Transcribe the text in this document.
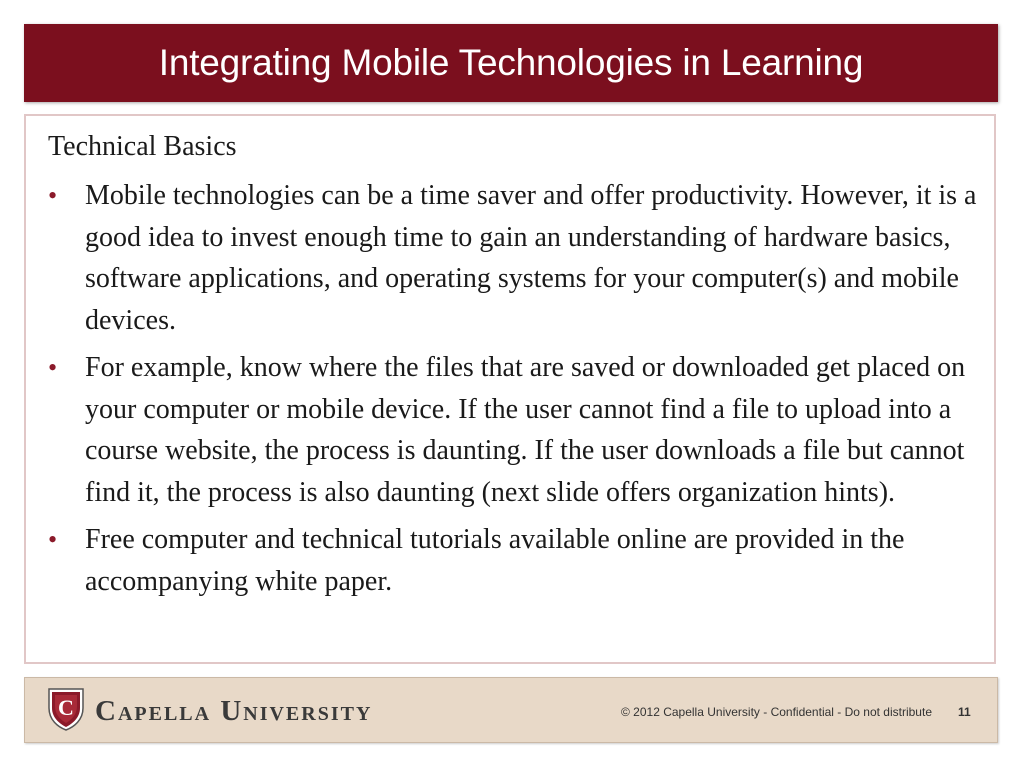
Integrating Mobile Technologies in Learning
Technical Basics
• Mobile technologies can be a time saver and offer productivity. However, it is a good idea to invest enough time to gain an understanding of hardware basics, software applications, and operating systems for your computer(s) and mobile devices.
• For example, know where the files that are saved or downloaded get placed on your computer or mobile device. If the user cannot find a file to upload into a course website, the process is daunting. If the user downloads a file but cannot find it, the process is also daunting (next slide offers organization hints).
• Free computer and technical tutorials available online are provided in the accompanying white paper.
C Capella University	© 2012 Capella University - Confidential - Do not distribute 11
